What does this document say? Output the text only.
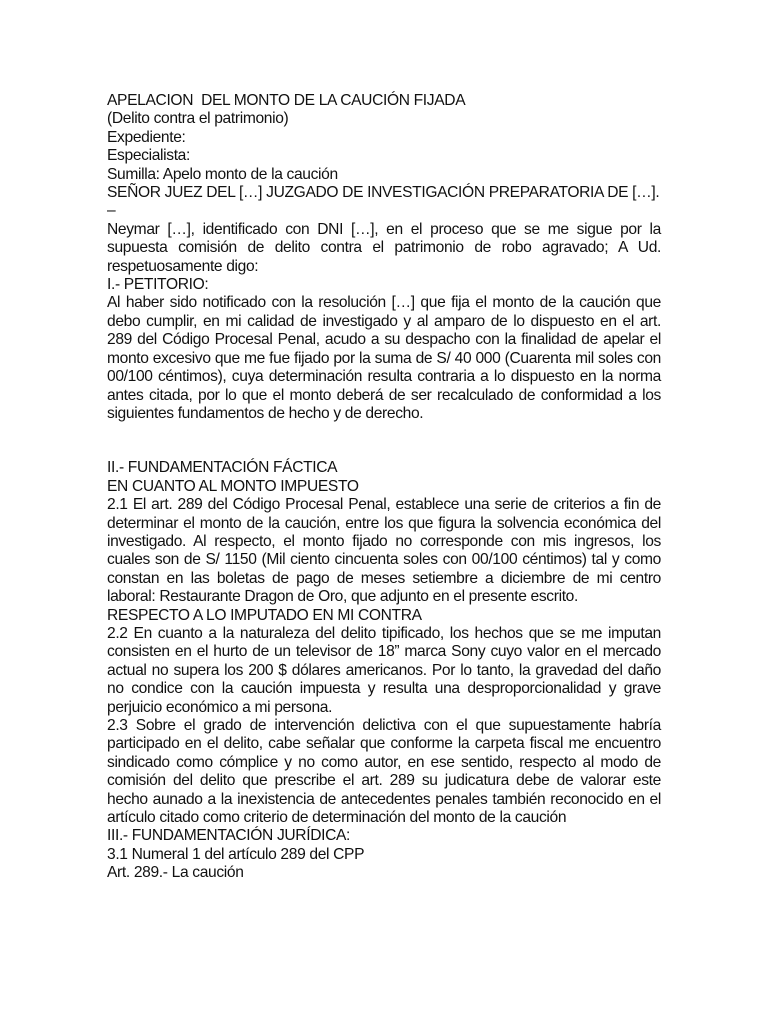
APELACION  DEL MONTO DE LA CAUCIÓN FIJADA

(Delito contra el patrimonio)

Expediente:

Especialista:

Sumilla: Apelo monto de la caución

SEÑOR JUEZ DEL […] JUZGADO DE INVESTIGACIÓN PREPARATORIA DE […]. –

Neymar […], identificado con DNI […], en el proceso que se me sigue por la supuesta comisión de delito contra el patrimonio de robo agravado; A Ud. respetuosamente digo:

I.- PETITORIO:

Al haber sido notificado con la resolución […] que fija el monto de la caución que debo cumplir, en mi calidad de investigado y al amparo de lo dispuesto en el art. 289 del Código Procesal Penal, acudo a su despacho con la finalidad de apelar el monto excesivo que me fue fijado por la suma de S/ 40 000 (Cuarenta mil soles con 00/100 céntimos), cuya determinación resulta contraria a lo dispuesto en la norma antes citada, por lo que el monto deberá de ser recalculado de conformidad a los siguientes fundamentos de hecho y de derecho.

II.- FUNDAMENTACIÓN FÁCTICA

EN CUANTO AL MONTO IMPUESTO

2.1 El art. 289 del Código Procesal Penal, establece una serie de criterios a fin de determinar el monto de la caución, entre los que figura la solvencia económica del investigado. Al respecto, el monto fijado no corresponde con mis ingresos, los cuales son de S/ 1150 (Mil ciento cincuenta soles con 00/100 céntimos) tal y como constan en las boletas de pago de meses setiembre a diciembre de mi centro laboral: Restaurante Dragon de Oro, que adjunto en el presente escrito.

RESPECTO A LO IMPUTADO EN MI CONTRA

2.2 En cuanto a la naturaleza del delito tipificado, los hechos que se me imputan consisten en el hurto de un televisor de 18” marca Sony cuyo valor en el mercado actual no supera los 200 $ dólares americanos. Por lo tanto, la gravedad del daño no condice con la caución impuesta y resulta una desproporcionalidad y grave perjuicio económico a mi persona.

2.3 Sobre el grado de intervención delictiva con el que supuestamente habría participado en el delito, cabe señalar que conforme la carpeta fiscal me encuentro sindicado como cómplice y no como autor, en ese sentido, respecto al modo de comisión del delito que prescribe el art. 289 su judicatura debe de valorar este hecho aunado a la inexistencia de antecedentes penales también reconocido en el artículo citado como criterio de determinación del monto de la caución

III.- FUNDAMENTACIÓN JURÍDICA:

3.1 Numeral 1 del artículo 289 del CPP

Art. 289.- La caución
